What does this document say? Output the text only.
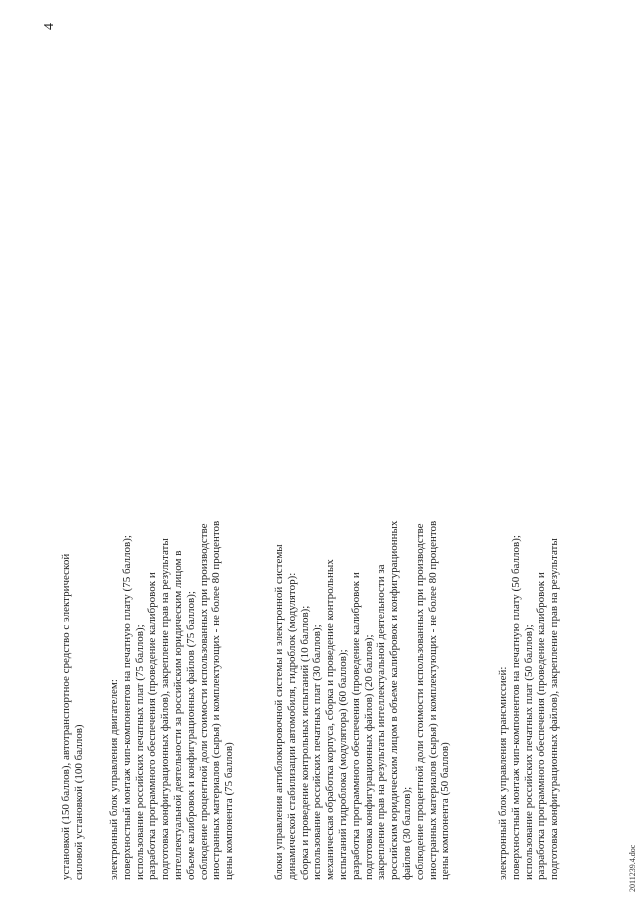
4
установкой (150 баллов), автотранспортное средство с электрической силовой установкой (100 баллов) электронный блок управления двигателем: поверхностный монтаж чип-компонентов на печатную плату (75 баллов); использование российских печатных плат (75 баллов); разработка программного обеспечения (проведение калибровок и подготовка конфигурационных файлов), закрепление прав на результаты интеллектуальной деятельности за российским юридическим лицом в объеме калибровок и конфигурационных файлов (75 баллов); соблюдение процентной доли стоимости использованных при производстве иностранных материалов (сырья) и комплектующих - не более 80 процентов цены компонента (75 баллов)	блоки управления антиблокировочной системы и электронной системы динамической стабилизации автомобиля, гидроблок (модулятор): сборка и проведение контрольных испытаний (10 баллов); использование российских печатных плат (30 баллов); механическая обработка корпуса, сборка и проведение контрольных испытаний гидроблока (модулятора) (60 баллов); разработка программного обеспечения (проведение калибровок и подготовка конфигурационных файлов) (20 баллов); закрепление прав на результаты интеллектуальной деятельности за российским юридическим лицом в объеме калибровок и конфигурационных файлов (30 баллов); соблюдение процентной доли стоимости использованных при производстве иностранных материалов (сырья) и комплектующих - не более 80 процентов цены компонента (50 баллов)	электронный блок управления трансмиссией: поверхностный монтаж чип-компонентов на печатную плату (50 баллов); использование российских печатных плат (50 баллов); разработка программного обеспечения (проведение калибровок и подготовка конфигурационных файлов), закрепление прав на результаты	2011239.4.doc
